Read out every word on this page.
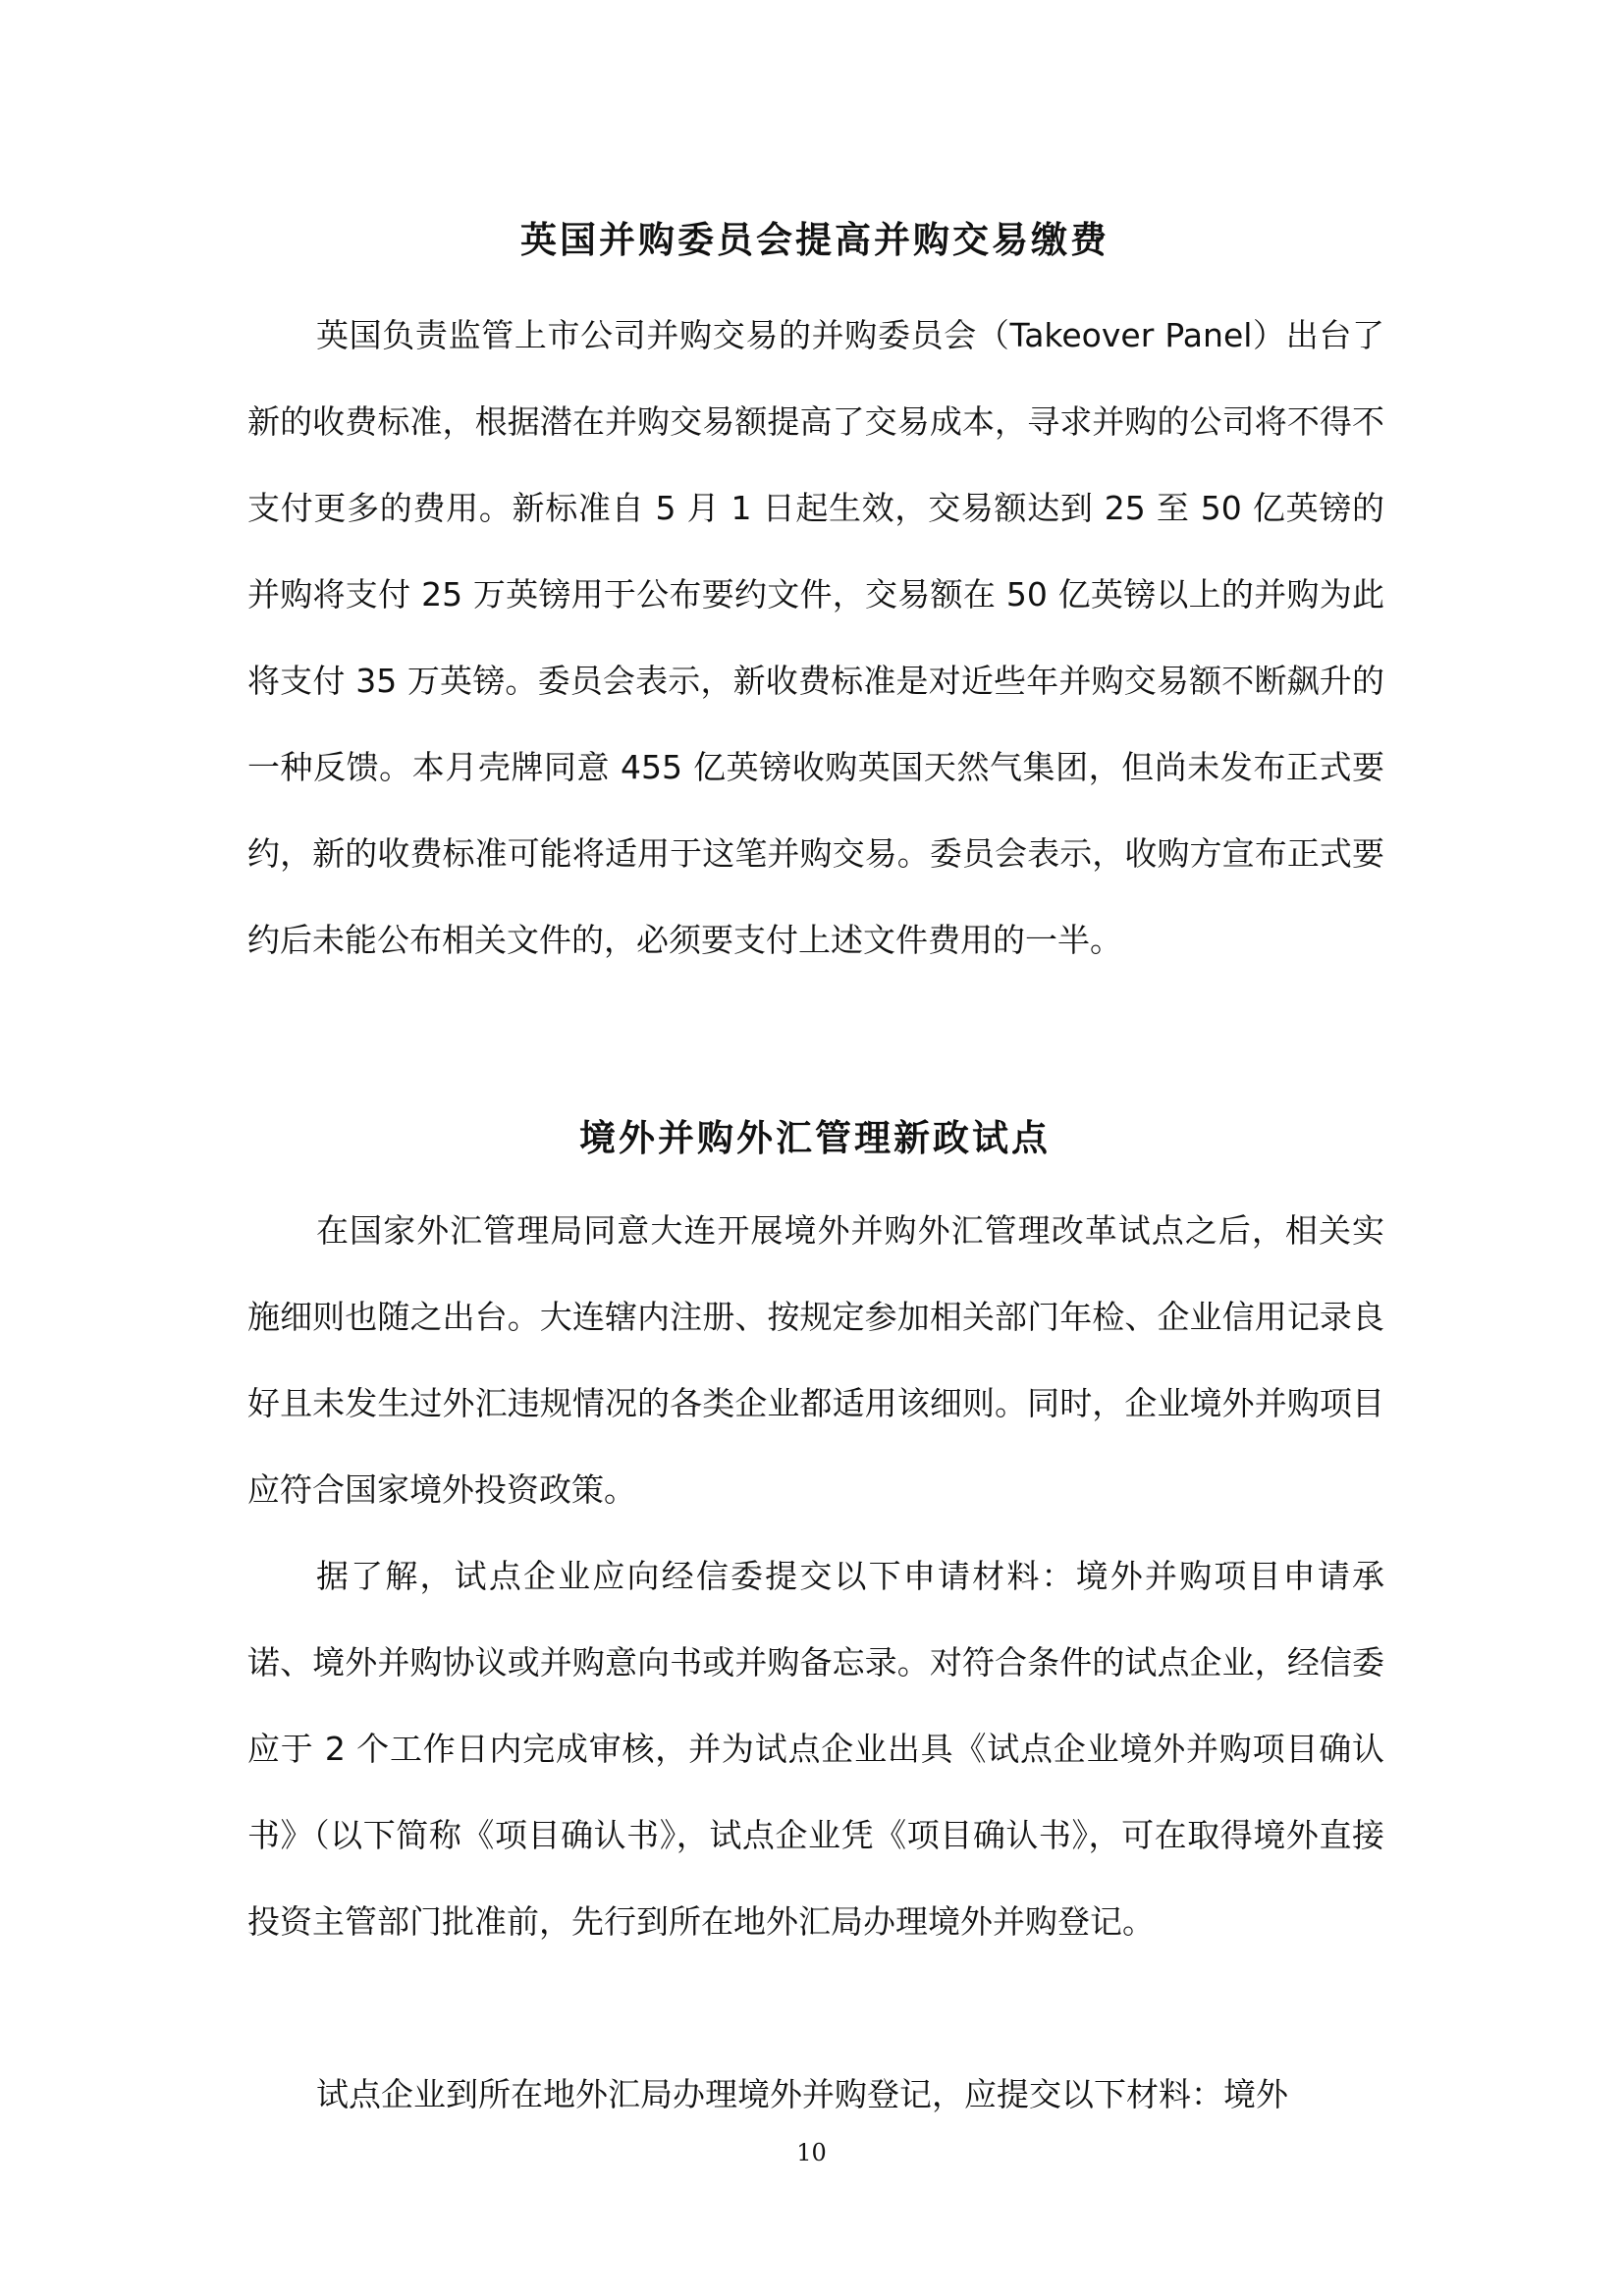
英国并购委员会提高并购交易缴费

英国负责监管上市公司并购交易的并购委员会（Takeover Panel）出台了新的收费标准，根据潜在并购交易额提高了交易成本，寻求并购的公司将不得不支付更多的费用。新标准自 5 月 1 日起生效，交易额达到 25 至 50 亿英镑的并购将支付 25 万英镑用于公布要约文件，交易额在 50 亿英镑以上的并购为此将支付 35 万英镑。委员会表示，新收费标准是对近些年并购交易额不断飙升的一种反馈。本月壳牌同意 455 亿英镑收购英国天然气集团，但尚未发布正式要约，新的收费标准可能将适用于这笔并购交易。委员会表示，收购方宣布正式要约后未能公布相关文件的，必须要支付上述文件费用的一半。

境外并购外汇管理新政试点

在国家外汇管理局同意大连开展境外并购外汇管理改革试点之后，相关实施细则也随之出台。大连辖内注册、按规定参加相关部门年检、企业信用记录良好且未发生过外汇违规情况的各类企业都适用该细则。同时，企业境外并购项目应符合国家境外投资政策。

据了解，试点企业应向经信委提交以下申请材料：境外并购项目申请承诺、境外并购协议或并购意向书或并购备忘录。对符合条件的试点企业，经信委应于 2 个工作日内完成审核，并为试点企业出具《试点企业境外并购项目确认书》（以下简称《项目确认书》，试点企业凭《项目确认书》，可在取得境外直接投资主管部门批准前，先行到所在地外汇局办理境外并购登记。

试点企业到所在地外汇局办理境外并购登记，应提交以下材料：境外

10
